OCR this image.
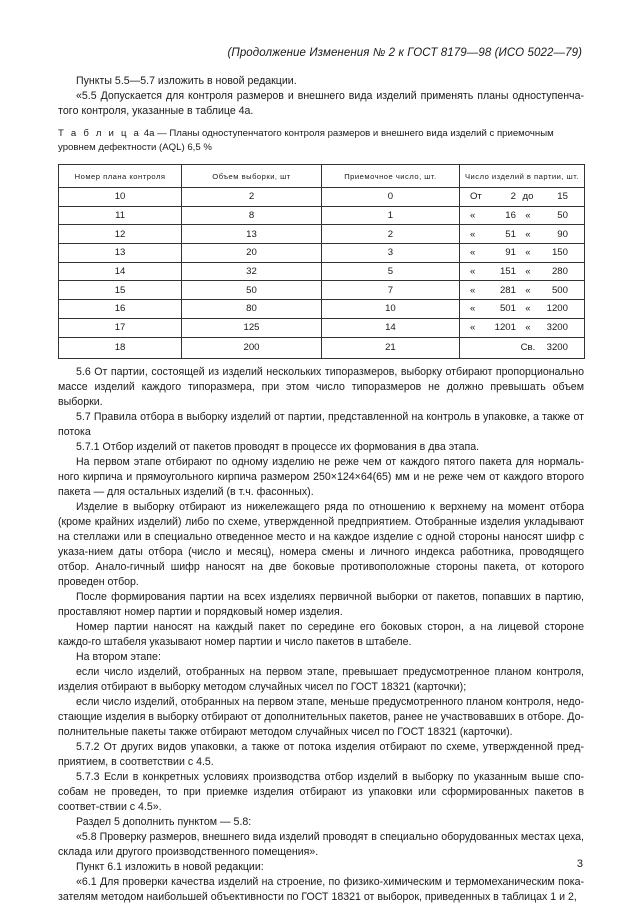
(Продолжение Изменения № 2 к ГОСТ 8179—98 (ИСО 5022—79)

Пункты 5.5—5.7 изложить в новой редакции.

«5.5 Допускается для контроля размеров и внешнего вида изделий применять планы одноступенча-тoгo контроля, указанные в таблице 4а.

Т а б л и ц а 4а — Планы одноступенчатого контроля размеров и внешнего вида изделий с приемочным уровнем дефектности (AQL) 6,5 %
Номер плана контроля	Объем выборки, шт	Приемочное число, шт.	Число изделий в партии, шт.
10	2	0	От 2 до 15

11	8	1	« 16 « 50

12	13	2	« 51 « 90

13	20	3	« 91 « 150

14	32	5	« 151 « 280

15	50	7	« 281 « 500

16	80	10	« 501 « 1200

17	125	14	« 1201 « 3200

18	200	21	Св. 3200

5.6 От партии, состоящей из изделий нескольких типоразмеров, выборку отбирают пропорционально массе изделий каждого типоразмера, при этом число типоразмеров не должно превышать объем выборки.

5.7 Правила отбора в выборку изделий от партии, представленной на контроль в упаковке, а также от потока

5.7.1 Отбор изделий от пакетов проводят в процессе их формования в два этапа.

На первом этапе отбирают по одному изделию не реже чем от каждого пятого пакета для нормаль-ного кирпича и прямоугольного кирпича размером 250×124×64(65) мм и не реже чем от каждого второго пакета — для остальных изделий (в т.ч. фасонных).

Изделие в выборку отбирают из нижележащего ряда по отношению к верхнему на момент отбора (кроме крайних изделий) либо по схеме, утвержденной предприятием. Отобранные изделия укладывают на стеллажи или в специально отведенное место и на каждое изделие с одной стороны наносят шифр с указа-нием даты отбора (число и месяц), номера смены и личного индекса работника, проводящего отбор. Анало-гичный шифр наносят на две боковые противоположные стороны пакета, от которого проведен отбор.

После формирования партии на всех изделиях первичной выборки от пакетов, попавших в партию, проставляют номер партии и порядковый номер изделия.

Номер партии наносят на каждый пакет по середине его боковых сторон, а на лицевой стороне каждо-го штабеля указывают номер партии и число пакетов в штабеле.

На втором этапе:

если число изделий, отобранных на первом этапе, превышает предусмотренное планом контроля, изделия отбирают в выборку методом случайных чисел по ГОСТ 18321 (карточки);

если число изделий, отобранных на первом этапе, меньше предусмотренного планом контроля, недо-стающие изделия в выборку отбирают от дополнительных пакетов, ранее не участвовавших в отборе. До-полнительные пакеты также отбирают методом случайных чисел по ГОСТ 18321 (карточки).

5.7.2 От других видов упаковки, а также от потока изделия отбирают по схеме, утвержденной пред-приятием, в соответствии с 4.5.

5.7.3 Если в конкретных условиях производства отбор изделий в выборку по указанным выше спо-собам не проведен, то при приемке изделия отбирают из упаковки или сформированных пакетов в соответ-ствии с 4.5».

Раздел 5 дополнить пунктом — 5.8:

«5.8 Проверку размеров, внешнего вида изделий проводят в специально оборудованных местах цеха, склада или другого производственного помещения».

Пункт 6.1 изложить в новой редакции:

«6.1 Для проверки качества изделий на строение, по физико-химическим и термомеханическим пока-зателям методом наибольшей объективности по ГОСТ 18321 от выборок, приведенных в таблицах 1 и 2,

3
